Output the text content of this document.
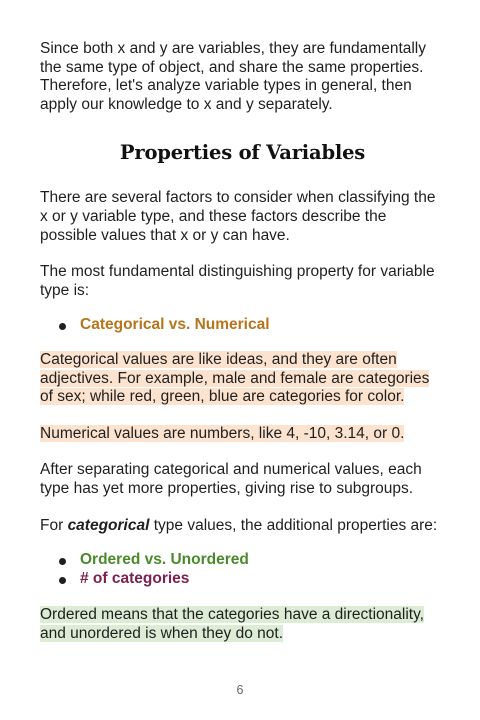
Since both x and y are variables, they are fundamentally the same type of object, and share the same properties. Therefore, let's analyze variable types in general, then apply our knowledge to x and y separately.

Properties of Variables

There are several factors to consider when classifying the x or y variable type, and these factors describe the possible values that x or y can have.

The most fundamental distinguishing property for variable type is:

Categorical vs. Numerical

Categorical values are like ideas, and they are often adjectives. For example, male and female are categories of sex; while red, green, blue are categories for color.

Numerical values are numbers, like 4, -10, 3.14, or 0.

After separating categorical and numerical values, each type has yet more properties, giving rise to subgroups.

For categorical type values, the additional properties are:

Ordered vs. Unordered
# of categories

Ordered means that the categories have a directionality, and unordered is when they do not.

6
